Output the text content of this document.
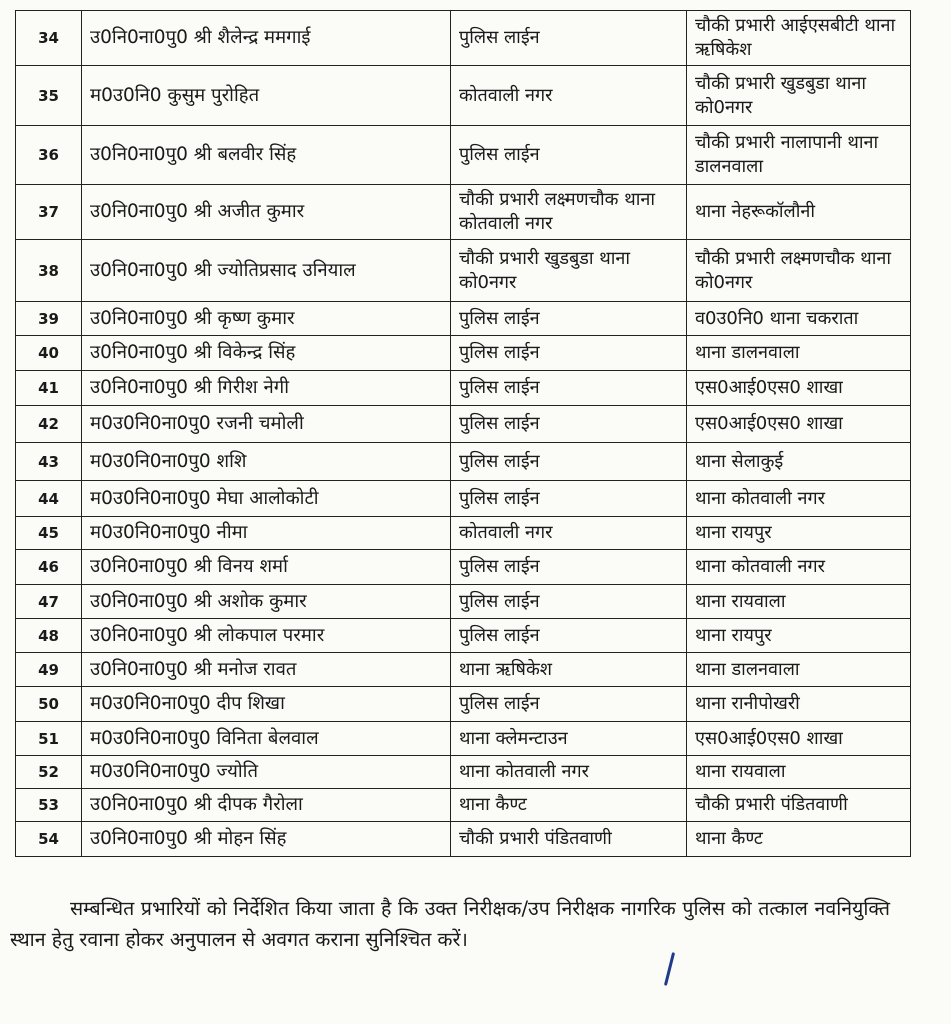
34	उ0नि0ना0पु0 श्री शैलेन्द्र ममगाई	पुलिस लाईन	चौकी प्रभारी आईएसबीटी थाना ऋषिकेश
35	म0उ0नि0 कुसुम पुरोहित	कोतवाली नगर	चौकी प्रभारी खुडबुडा थाना को0नगर
36	उ0नि0ना0पु0 श्री बलवीर सिंह	पुलिस लाईन	चौकी प्रभारी नालापानी थाना डालनवाला
37	उ0नि0ना0पु0 श्री अजीत कुमार	चौकी प्रभारी लक्ष्मणचौक थाना कोतवाली नगर	थाना नेहरूकॉलौनी
38	उ0नि0ना0पु0 श्री ज्योतिप्रसाद उनियाल	चौकी प्रभारी खुडबुडा थाना को0नगर	चौकी प्रभारी लक्ष्मणचौक थाना को0नगर
39	उ0नि0ना0पु0 श्री कृष्ण कुमार	पुलिस लाईन	व0उ0नि0 थाना चकराता
40	उ0नि0ना0पु0 श्री विकेन्द्र सिंह	पुलिस लाईन	थाना डालनवाला
41	उ0नि0ना0पु0 श्री गिरीश नेगी	पुलिस लाईन	एस0आई0एस0 शाखा
42	म0उ0नि0ना0पु0 रजनी चमोली	पुलिस लाईन	एस0आई0एस0 शाखा
43	म0उ0नि0ना0पु0 शशि	पुलिस लाईन	थाना सेलाकुई
44	म0उ0नि0ना0पु0 मेघा आलोकोटी	पुलिस लाईन	थाना कोतवाली नगर
45	म0उ0नि0ना0पु0 नीमा	कोतवाली नगर	थाना रायपुर
46	उ0नि0ना0पु0 श्री विनय शर्मा	पुलिस लाईन	थाना कोतवाली नगर
47	उ0नि0ना0पु0 श्री अशोक कुमार	पुलिस लाईन	थाना रायवाला
48	उ0नि0ना0पु0 श्री लोकपाल परमार	पुलिस लाईन	थाना रायपुर
49	उ0नि0ना0पु0 श्री मनोज रावत	थाना ऋषिकेश	थाना डालनवाला
50	म0उ0नि0ना0पु0 दीप शिखा	पुलिस लाईन	थाना रानीपोखरी
51	म0उ0नि0ना0पु0 विनिता बेलवाल	थाना क्लेमन्टाउन	एस0आई0एस0 शाखा
52	म0उ0नि0ना0पु0 ज्योति	थाना कोतवाली नगर	थाना रायवाला
53	उ0नि0ना0पु0 श्री दीपक गैरोला	थाना कैण्ट	चौकी प्रभारी पंडितवाणी
54	उ0नि0ना0पु0 श्री मोहन सिंह	चौकी प्रभारी पंडितवाणी	थाना कैण्ट
सम्बन्धित प्रभारियों को निर्देशित किया जाता है कि उक्त निरीक्षक/उप निरीक्षक नागरिक पुलिस को तत्काल नवनियुक्ति स्थान हेतु रवाना होकर अनुपालन से अवगत कराना सुनिश्चित करें।
